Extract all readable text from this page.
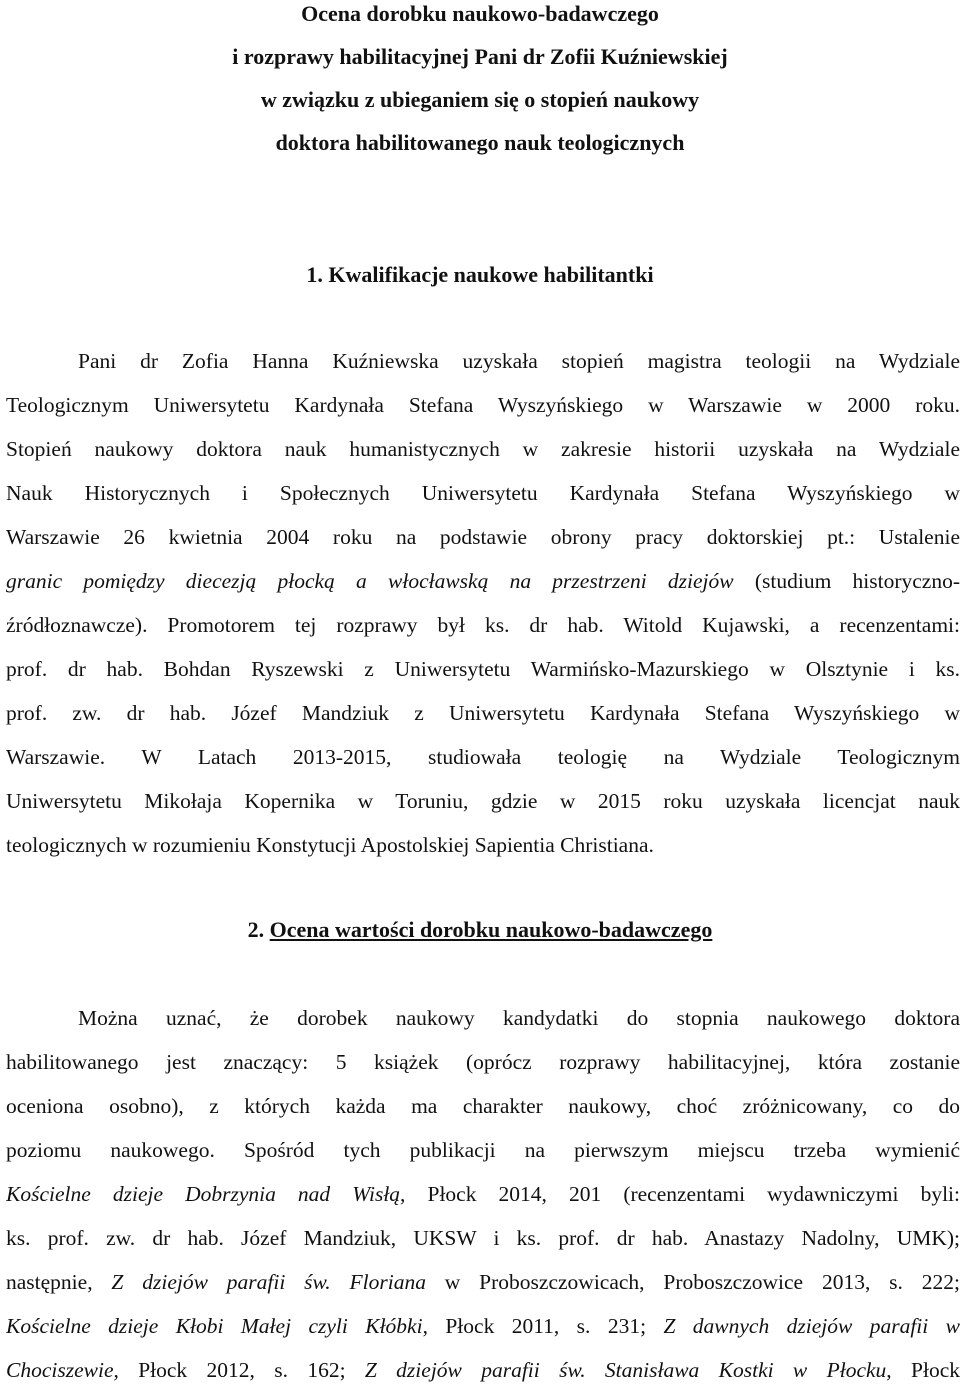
Ocena dorobku naukowo-badawczego
i rozprawy habilitacyjnej Pani dr Zofii Kuźniewskiej
w związku z ubieganiem się o stopień naukowy
doktora habilitowanego nauk teologicznych
1. Kwalifikacje naukowe habilitantki
Pani dr Zofia Hanna Kuźniewska uzyskała stopień magistra teologii na Wydziale
Teologicznym Uniwersytetu Kardynała Stefana Wyszyńskiego w Warszawie w 2000 roku.
Stopień naukowy doktora nauk humanistycznych w zakresie historii uzyskała na Wydziale
Nauk Historycznych i Społecznych Uniwersytetu Kardynała Stefana Wyszyńskiego w
Warszawie 26 kwietnia 2004 roku na podstawie obrony pracy doktorskiej pt.: Ustalenie
granic pomiędzy diecezją płocką a włocławską na przestrzeni dziejów (studium historyczno-
źródłoznawcze). Promotorem tej rozprawy był ks. dr hab. Witold Kujawski, a recenzentami:
prof. dr hab. Bohdan Ryszewski z Uniwersytetu Warmińsko-Mazurskiego w Olsztynie i ks.
prof. zw. dr hab. Józef Mandziuk z Uniwersytetu Kardynała Stefana Wyszyńskiego w
Warszawie. W Latach 2013-2015, studiowała teologię na Wydziale Teologicznym
Uniwersytetu Mikołaja Kopernika w Toruniu, gdzie w 2015 roku uzyskała licencjat nauk
teologicznych w rozumieniu Konstytucji Apostolskiej Sapientia Christiana.
2. Ocena wartości dorobku naukowo-badawczego
Można uznać, że dorobek naukowy kandydatki do stopnia naukowego doktora
habilitowanego jest znaczący: 5 książek (oprócz rozprawy habilitacyjnej, która zostanie
oceniona osobno), z których każda ma charakter naukowy, choć zróżnicowany, co do
poziomu naukowego. Spośród tych publikacji na pierwszym miejscu trzeba wymienić
Kościelne dzieje Dobrzynia nad Wisłą, Płock 2014, 201 (recenzentami wydawniczymi byli:
ks. prof. zw. dr hab. Józef Mandziuk, UKSW i ks. prof. dr hab. Anastazy Nadolny, UMK);
następnie, Z dziejów parafii św. Floriana w Proboszczowicach, Proboszczowice 2013, s. 222;
Kościelne dzieje Kłobi Małej czyli Kłóbki, Płock 2011, s. 231; Z dawnych dziejów parafii w
Chociszewie, Płock 2012, s. 162; Z dziejów parafii św. Stanisława Kostki w Płocku, Płock
